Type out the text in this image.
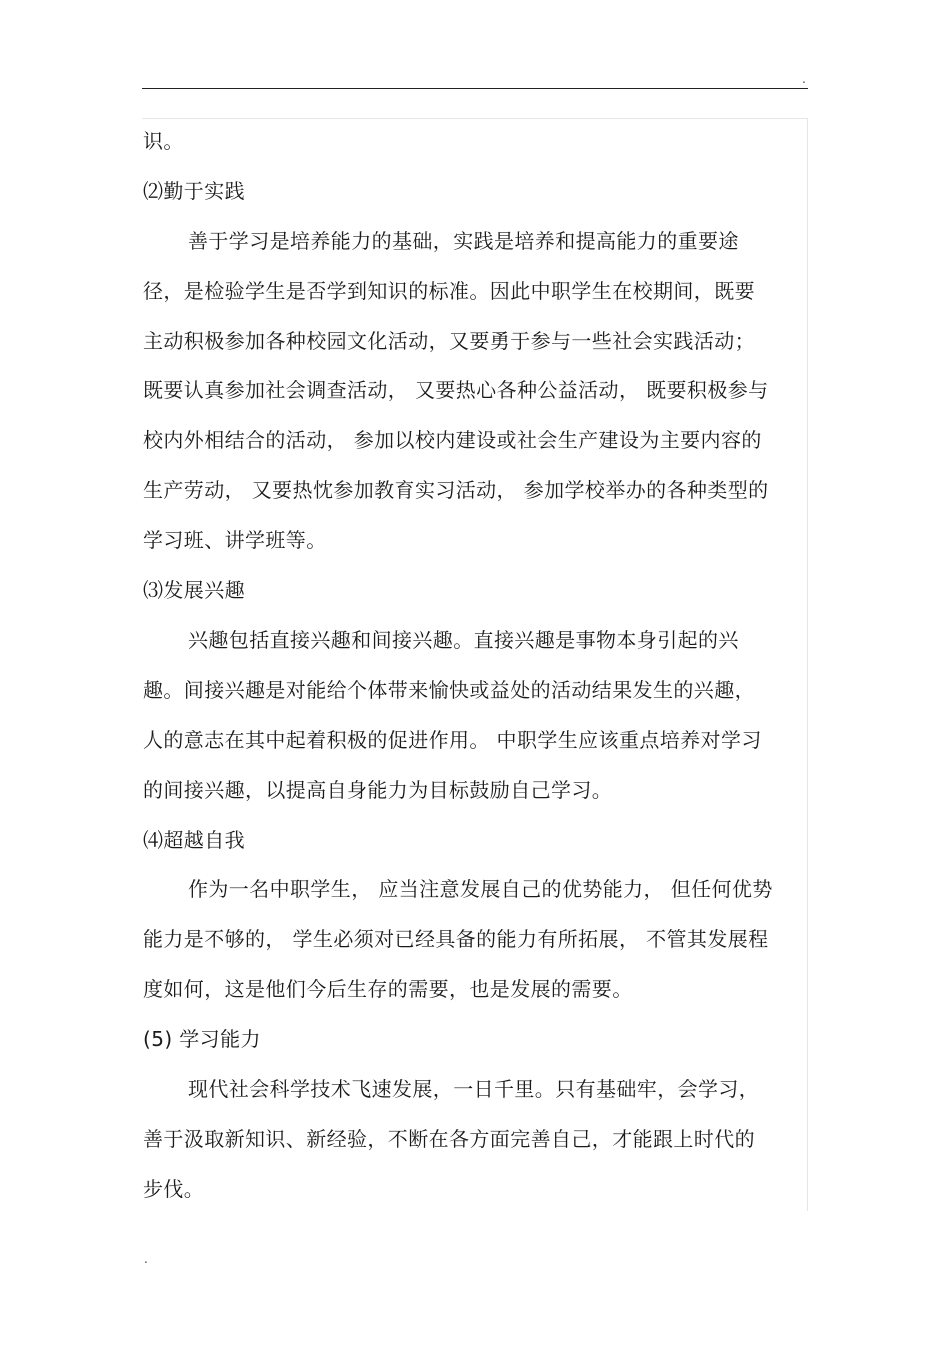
.
识。
⑵勤于实践
善于学习是培养能力的基础，实践是培养和提高能力的重要途
径，是检验学生是否学到知识的标准。因此中职学生在校期间，既要
主动积极参加各种校园文化活动，又要勇于参与一些社会实践活动；
既要认真参加社会调查活动， 又要热心各种公益活动， 既要积极参与
校内外相结合的活动， 参加以校内建设或社会生产建设为主要内容的
生产劳动， 又要热忱参加教育实习活动， 参加学校举办的各种类型的
学习班、讲学班等。
⑶发展兴趣
兴趣包括直接兴趣和间接兴趣。直接兴趣是事物本身引起的兴
趣。间接兴趣是对能给个体带来愉快或益处的活动结果发生的兴趣，
人的意志在其中起着积极的促进作用。 中职学生应该重点培养对学习
的间接兴趣，以提高自身能力为目标鼓励自己学习。
⑷超越自我
作为一名中职学生， 应当注意发展自己的优势能力， 但任何优势
能力是不够的， 学生必须对已经具备的能力有所拓展， 不管其发展程
度如何，这是他们今后生存的需要，也是发展的需要。
(5) 学习能力
现代社会科学技术飞速发展，一日千里。只有基础牢，会学习，
善于汲取新知识、新经验，不断在各方面完善自己，才能跟上时代的
步伐。
.
